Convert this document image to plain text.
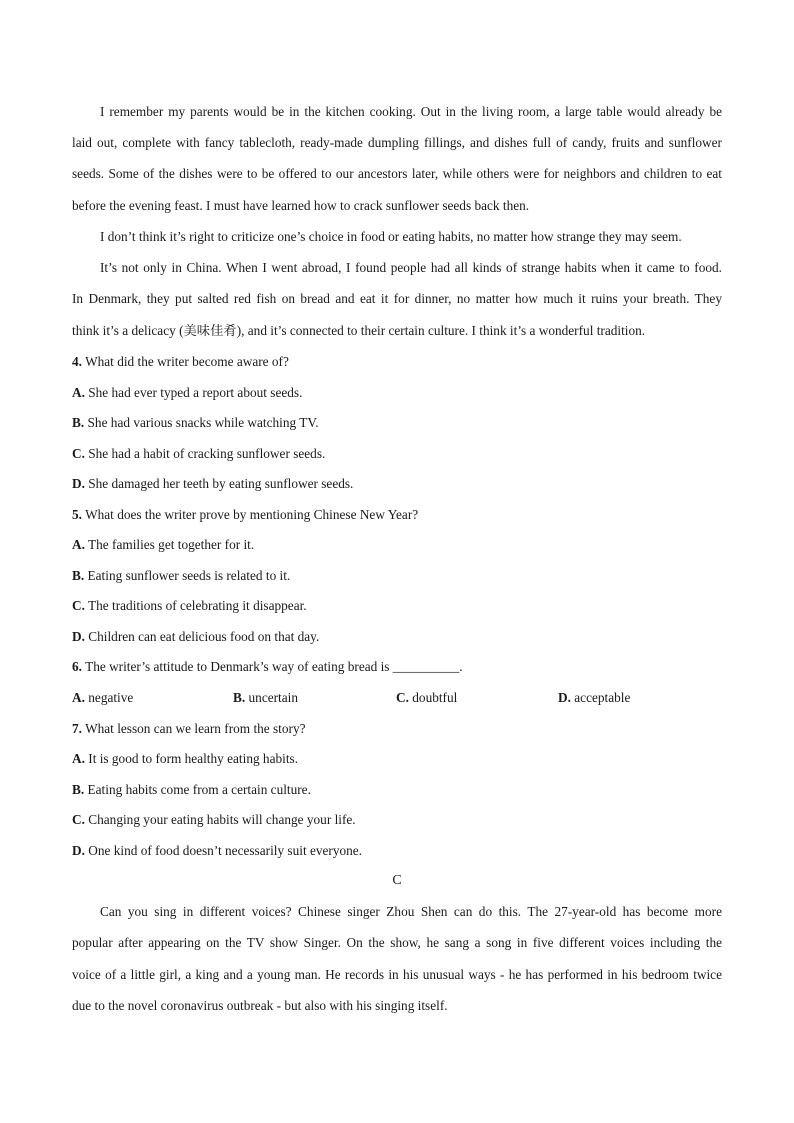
I remember my parents would be in the kitchen cooking. Out in the living room, a large table would already be
laid out, complete with fancy tablecloth, ready-made dumpling fillings, and dishes full of candy, fruits and sunflower
seeds. Some of the dishes were to be offered to our ancestors later, while others were for neighbors and children to eat
before the evening feast. I must have learned how to crack sunflower seeds back then.
I don’t think it’s right to criticize one’s choice in food or eating habits, no matter how strange they may seem.
It’s not only in China. When I went abroad, I found people had all kinds of strange habits when it came to food.
In Denmark, they put salted red fish on bread and eat it for dinner, no matter how much it ruins your breath. They
think it’s a delicacy (美味佳肴), and it’s connected to their certain culture. I think it’s a wonderful tradition.
4. What did the writer become aware of?
A. She had ever typed a report about seeds.
B. She had various snacks while watching TV.
C. She had a habit of cracking sunflower seeds.
D. She damaged her teeth by eating sunflower seeds.
5. What does the writer prove by mentioning Chinese New Year?
A. The families get together for it.
B. Eating sunflower seeds is related to it.
C. The traditions of celebrating it disappear.
D. Children can eat delicious food on that day.
6. The writer’s attitude to Denmark’s way of eating bread is __________.
A. negative	B. uncertain	C. doubtful	D. acceptable
7. What lesson can we learn from the story?
A. It is good to form healthy eating habits.
B. Eating habits come from a certain culture.
C. Changing your eating habits will change your life.
D. One kind of food doesn’t necessarily suit everyone.
C
Can you sing in different voices? Chinese singer Zhou Shen can do this. The 27-year-old has become more
popular after appearing on the TV show Singer. On the show, he sang a song in five different voices including the
voice of a little girl, a king and a young man. He records in his unusual ways - he has performed in his bedroom twice
due to the novel coronavirus outbreak - but also with his singing itself.
